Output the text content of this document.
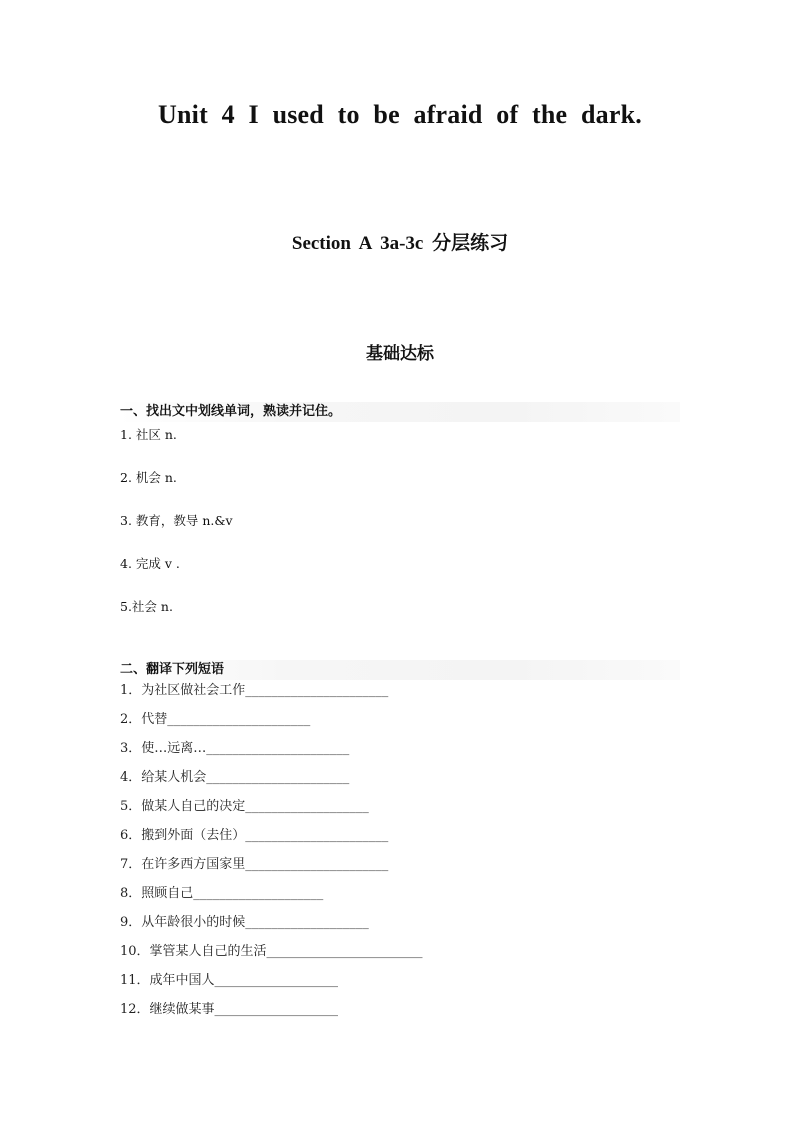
Unit 4 I used to be afraid of the dark.
Section A 3a-3c 分层练习
基础达标
一、找出文中划线单词，熟读并记住。
1. 社区 n.
2. 机会 n.
3. 教育，教导 n.&v
4. 完成 v .
5.社会 n.
二、翻译下列短语
1．为社区做社会工作______________________
2．代替______________________
3．使…远离…______________________
4．给某人机会______________________
5．做某人自己的决定___________________
6．搬到外面（去住）______________________
7．在许多西方国家里______________________
8．照顾自己____________________
9．从年龄很小的时候___________________
10．掌管某人自己的生活________________________
11．成年中国人___________________
12．继续做某事___________________
